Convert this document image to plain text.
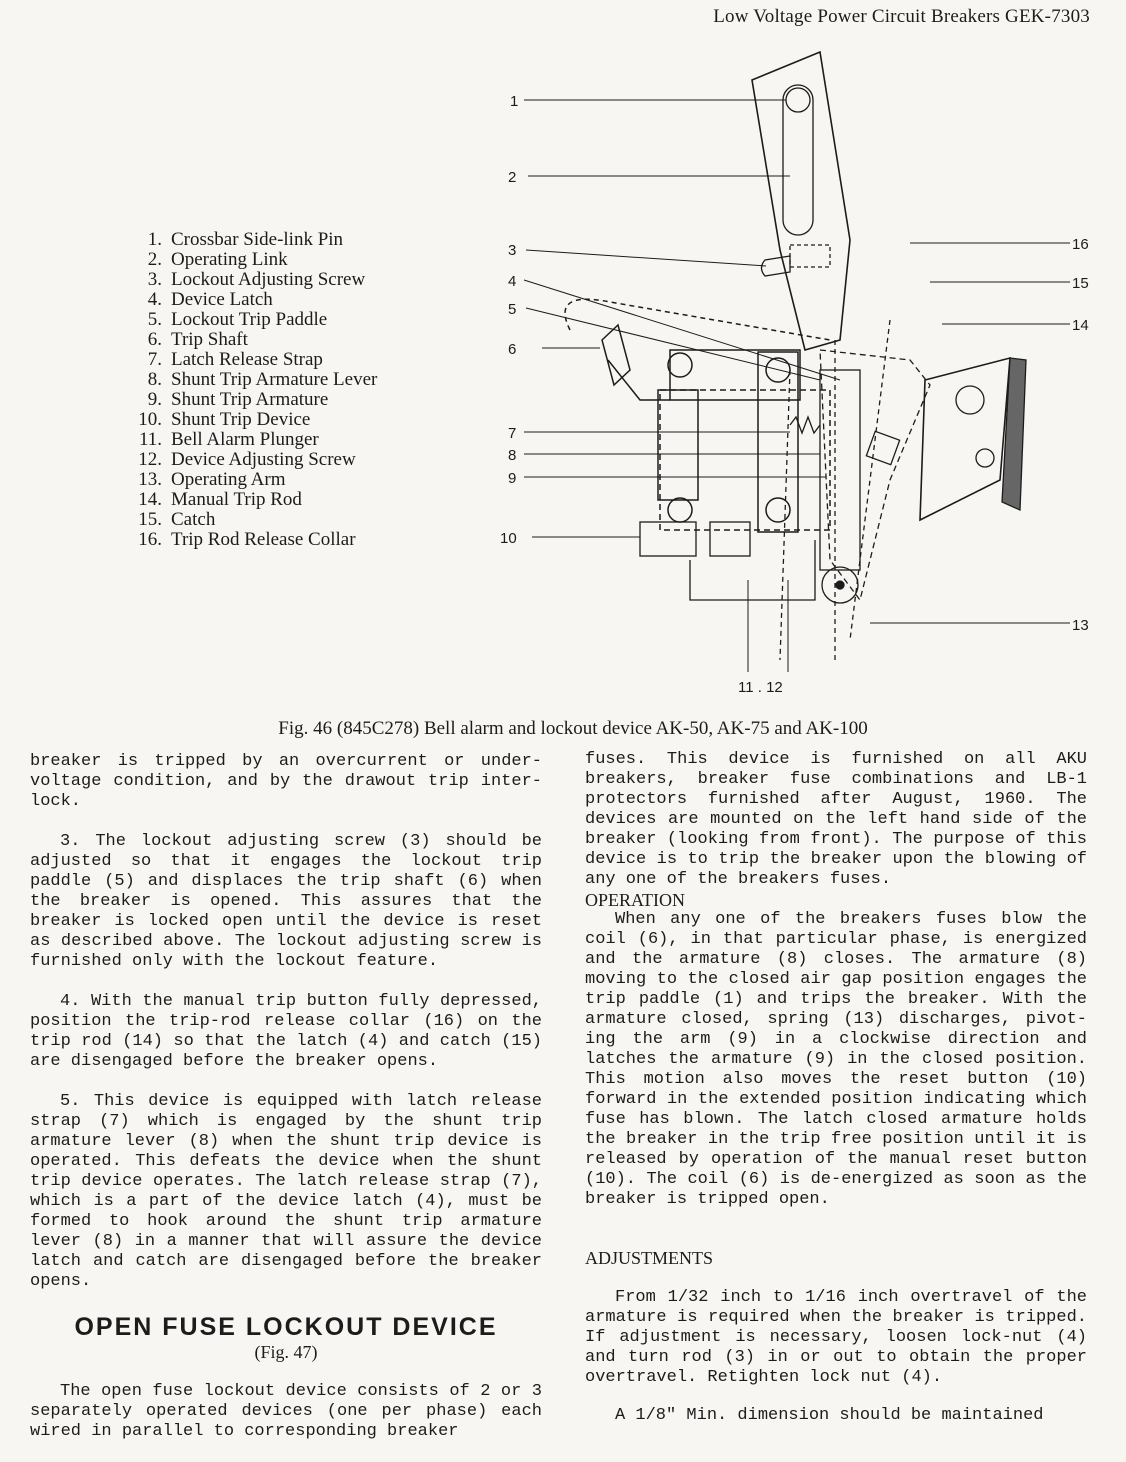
Low Voltage Power Circuit Breakers GEK-7303
1. Crossbar Side-link Pin
2. Operating Link
3. Lockout Adjusting Screw
4. Device Latch
5. Lockout Trip Paddle
6. Trip Shaft
7. Latch Release Strap
8. Shunt Trip Armature Lever
9. Shunt Trip Armature
10. Shunt Trip Device
11. Bell Alarm Plunger
12. Device Adjusting Screw
13. Operating Arm
14. Manual Trip Rod
15. Catch
16. Trip Rod Release Collar
1
2
3
4
5
6
7
8
9
10
13
14
15
16
11 . 12
Fig. 46 (845C278) Bell alarm and lockout device AK-50, AK-75 and AK-100

breaker is tripped by an overcurrent or under-voltage condition, and by the drawout trip inter-lock.

3. The lockout adjusting screw (3) should be adjusted so that it engages the lockout trip paddle (5) and displaces the trip shaft (6) when the breaker is opened. This assures that the breaker is locked open until the device is reset as described above. The lockout adjusting screw is furnished only with the lockout feature.

4. With the manual trip button fully depressed, position the trip-rod release collar (16) on the trip rod (14) so that the latch (4) and catch (15) are disengaged before the breaker opens.

5. This device is equipped with latch release strap (7) which is engaged by the shunt trip armature lever (8) when the shunt trip device is operated. This defeats the device when the shunt trip device operates. The latch release strap (7), which is a part of the device latch (4), must be formed to hook around the shunt trip armature lever (8) in a manner that will assure the device latch and catch are disengaged before the breaker opens.

OPEN FUSE LOCKOUT DEVICE
(Fig. 47)

The open fuse lockout device consists of 2 or 3 separately operated devices (one per phase) each wired in parallel to corresponding breaker

fuses. This device is furnished on all AKU breakers, breaker fuse combinations and LB-1 protectors furnished after August, 1960. The devices are mounted on the left hand side of the breaker (looking from front). The purpose of this device is to trip the breaker upon the blowing of any one of the breakers fuses.

OPERATION

When any one of the breakers fuses blow the coil (6), in that particular phase, is energized and the armature (8) closes. The armature (8) moving to the closed air gap position engages the trip paddle (1) and trips the breaker. With the armature closed, spring (13) discharges, pivot-ing the arm (9) in a clockwise direction and latches the armature (9) in the closed position. This motion also moves the reset button (10) forward in the extended position indicating which fuse has blown. The latch closed armature holds the breaker in the trip free position until it is released by operation of the manual reset button (10). The coil (6) is de-energized as soon as the breaker is tripped open.

ADJUSTMENTS

From 1/32 inch to 1/16 inch overtravel of the armature is required when the breaker is tripped. If adjustment is necessary, loosen lock-nut (4) and turn rod (3) in or out to obtain the proper overtravel. Retighten lock nut (4).

A 1/8" Min. dimension should be maintained
